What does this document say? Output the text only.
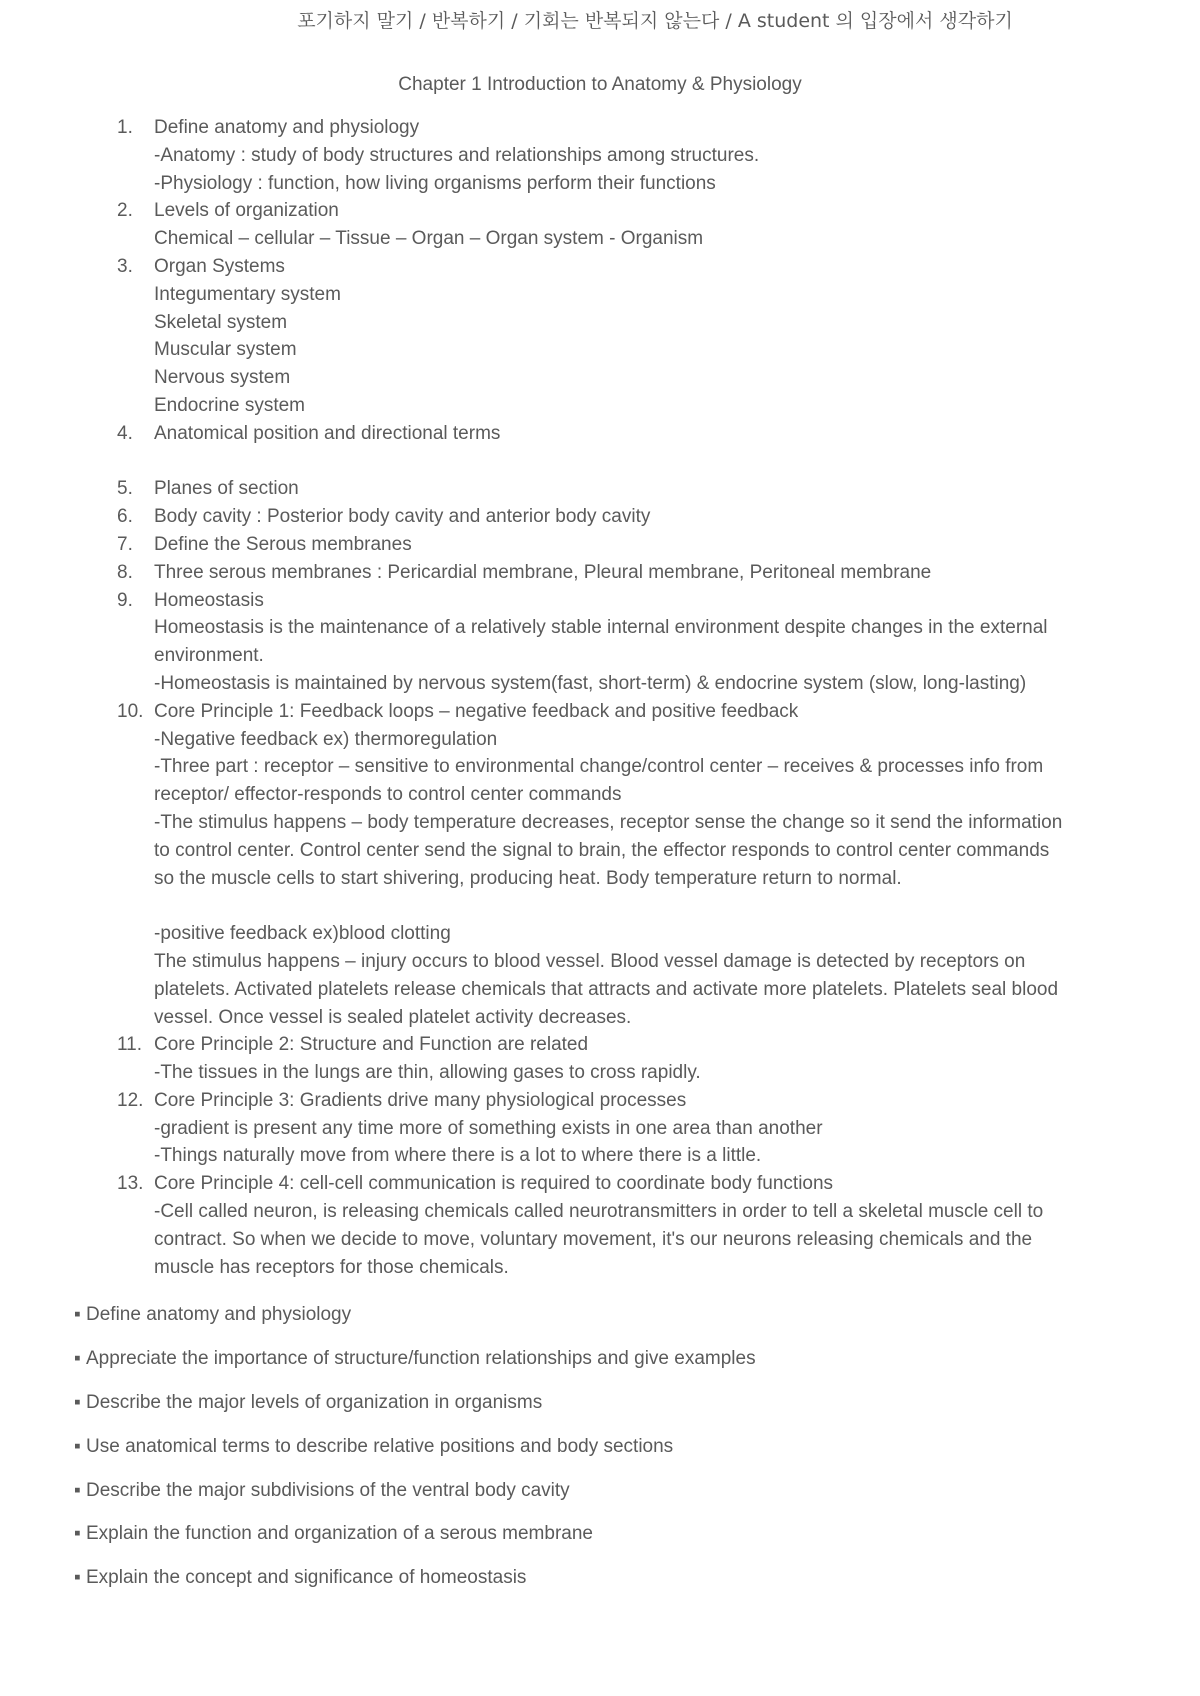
포기하지 말기 / 반복하기 / 기회는 반복되지 않는다 / A student 의 입장에서 생각하기
Chapter 1 Introduction to Anatomy & Physiology
1.	Define anatomy and physiology
-Anatomy : study of body structures and relationships among structures.
-Physiology : function, how living organisms perform their functions
2.	Levels of organization
Chemical – cellular – Tissue – Organ – Organ system - Organism
3.	Organ Systems
Integumentary system
Skeletal system
Muscular system
Nervous system
Endocrine system
4.	Anatomical position and directional terms
5.	Planes of section
6.	Body cavity : Posterior body cavity and anterior body cavity
7.	Define the Serous membranes
8.	Three serous membranes : Pericardial membrane, Pleural membrane, Peritoneal membrane
9.	Homeostasis
Homeostasis is the maintenance of a relatively stable internal environment despite changes in the external
environment.
-Homeostasis is maintained by nervous system(fast, short-term) & endocrine system (slow, long-lasting)
10. Core Principle 1: Feedback loops – negative feedback and positive feedback
-Negative feedback ex) thermoregulation
-Three part : receptor – sensitive to environmental change/control center – receives & processes info from
receptor/ effector-responds to control center commands
-The stimulus happens – body temperature decreases, receptor sense the change so it send the information
to control center. Control center send the signal to brain, the effector responds to control center commands
so the muscle cells to start shivering, producing heat. Body temperature return to normal.

-positive feedback ex)blood clotting
The stimulus happens – injury occurs to blood vessel. Blood vessel damage is detected by receptors on
platelets. Activated platelets release chemicals that attracts and activate more platelets. Platelets seal blood
vessel. Once vessel is sealed platelet activity decreases.
11. Core Principle 2: Structure and Function are related
-The tissues in the lungs are thin, allowing gases to cross rapidly.
12. Core Principle 3: Gradients drive many physiological processes
-gradient is present any time more of something exists in one area than another
-Things naturally move from where there is a lot to where there is a little.
13. Core Principle 4: cell-cell communication is required to coordinate body functions
-Cell called neuron, is releasing chemicals called neurotransmitters in order to tell a skeletal muscle cell to
contract. So when we decide to move, voluntary movement, it's our neurons releasing chemicals and the
muscle has receptors for those chemicals.
▪ Define anatomy and physiology
▪ Appreciate the importance of structure/function relationships and give examples
▪ Describe the major levels of organization in organisms
▪ Use anatomical terms to describe relative positions and body sections
▪ Describe the major subdivisions of the ventral body cavity
▪ Explain the function and organization of a serous membrane
▪ Explain the concept and significance of homeostasis
